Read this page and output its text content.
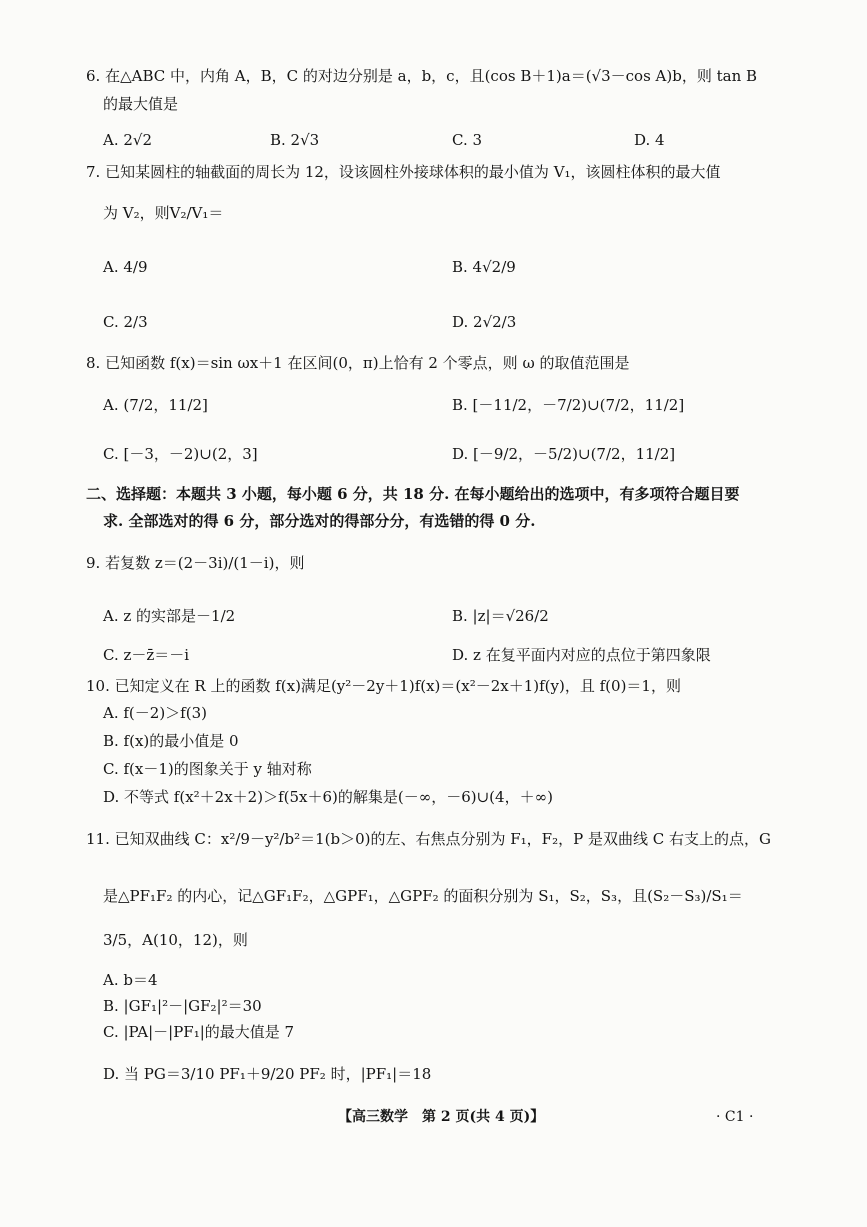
6. 在△ABC 中，内角 A，B，C 的对边分别是 a，b，c，且(cos B＋1)a＝(√3－cos A)b，则 tan B
的最大值是
A. 2√2	B. 2√3	C. 3	D. 4
7. 已知某圆柱的轴截面的周长为 12，设该圆柱外接球体积的最小值为 V₁，该圆柱体积的最大值
为 V₂，则V₂/V₁＝
A. 4/9	B. 4√2/9
C. 2/3	D. 2√2/3
8. 已知函数 f(x)＝sin ωx＋1 在区间(0，π)上恰有 2 个零点，则 ω 的取值范围是
A. (7/2，11/2]	B. [－11/2，－7/2)∪(7/2，11/2]
C. [－3，－2)∪(2，3]	D. [－9/2，－5/2)∪(7/2，11/2]
二、选择题：本题共 3 小题，每小题 6 分，共 18 分. 在每小题给出的选项中，有多项符合题目要
求. 全部选对的得 6 分，部分选对的得部分分，有选错的得 0 分.
9. 若复数 z＝(2－3i)/(1－i)，则
A. z 的实部是－1/2	B. |z|＝√26/2
C. z－z̄＝－i	D. z 在复平面内对应的点位于第四象限
10. 已知定义在 R 上的函数 f(x)满足(y²－2y＋1)f(x)＝(x²－2x＋1)f(y)，且 f(0)＝1，则
A. f(－2)＞f(3)
B. f(x)的最小值是 0
C. f(x－1)的图象关于 y 轴对称
D. 不等式 f(x²＋2x＋2)＞f(5x＋6)的解集是(－∞，－6)∪(4，＋∞)
11. 已知双曲线 C：x²/9－y²/b²＝1(b＞0)的左、右焦点分别为 F₁，F₂，P 是双曲线 C 右支上的点，G
是△PF₁F₂ 的内心，记△GF₁F₂，△GPF₁，△GPF₂ 的面积分别为 S₁，S₂，S₃，且(S₂－S₃)/S₁＝
3/5，A(10，12)，则
A. b＝4
B. |GF₁|²－|GF₂|²＝30
C. |PA|－|PF₁|的最大值是 7
D. 当 PG＝3/10 PF₁＋9/20 PF₂ 时，|PF₁|＝18
【高三数学　第 2 页(共 4 页)】	· C1 ·
